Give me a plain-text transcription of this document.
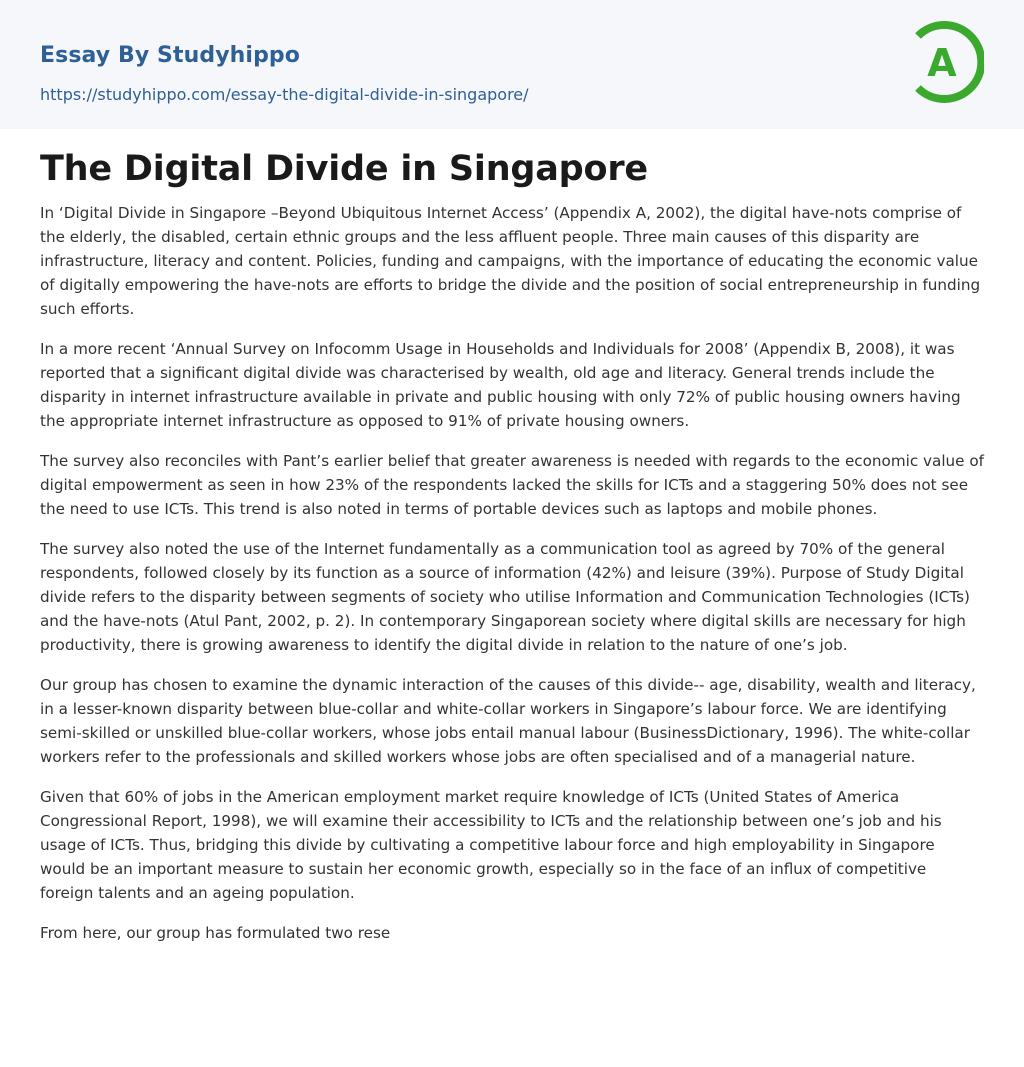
Essay By Studyhippo
https://studyhippo.com/essay-the-digital-divide-in-singapore/
A
The Digital Divide in Singapore

In ‘Digital Divide in Singapore –Beyond Ubiquitous Internet Access’ (Appendix A, 2002), the digital have-nots comprise of the elderly, the disabled, certain ethnic groups and the less affluent people. Three main causes of this disparity are infrastructure, literacy and content. Policies, funding and campaigns, with the importance of educating the economic value of digitally empowering the have-nots are efforts to bridge the divide and the position of social entrepreneurship in funding such efforts.

In a more recent ‘Annual Survey on Infocomm Usage in Households and Individuals for 2008’ (Appendix B, 2008), it was reported that a significant digital divide was characterised by wealth, old age and literacy. General trends include the disparity in internet infrastructure available in private and public housing with only 72% of public housing owners having the appropriate internet infrastructure as opposed to 91% of private housing owners.

The survey also reconciles with Pant’s earlier belief that greater awareness is needed with regards to the economic value of digital empowerment as seen in how 23% of the respondents lacked the skills for ICTs and a staggering 50% does not see the need to use ICTs. This trend is also noted in terms of portable devices such as laptops and mobile phones.

The survey also noted the use of the Internet fundamentally as a communication tool as agreed by 70% of the general respondents, followed closely by its function as a source of information (42%) and leisure (39%). Purpose of Study Digital divide refers to the disparity between segments of society who utilise Information and Communication Technologies (ICTs) and the have-nots (Atul Pant, 2002, p. 2). In contemporary Singaporean society where digital skills are necessary for high productivity, there is growing awareness to identify the digital divide in relation to the nature of one’s job.

Our group has chosen to examine the dynamic interaction of the causes of this divide-- age, disability, wealth and literacy, in a lesser-known disparity between blue-collar and white-collar workers in Singapore’s labour force. We are identifying semi-skilled or unskilled blue-collar workers, whose jobs entail manual labour (BusinessDictionary, 1996). The white-collar workers refer to the professionals and skilled workers whose jobs are often specialised and of a managerial nature.

Given that 60% of jobs in the American employment market require knowledge of ICTs (United States of America Congressional Report, 1998), we will examine their accessibility to ICTs and the relationship between one’s job and his usage of ICTs. Thus, bridging this divide by cultivating a competitive labour force and high employability in Singapore would be an important measure to sustain her economic growth, especially so in the face of an influx of competitive foreign talents and an ageing population.

From here, our group has formulated two rese
